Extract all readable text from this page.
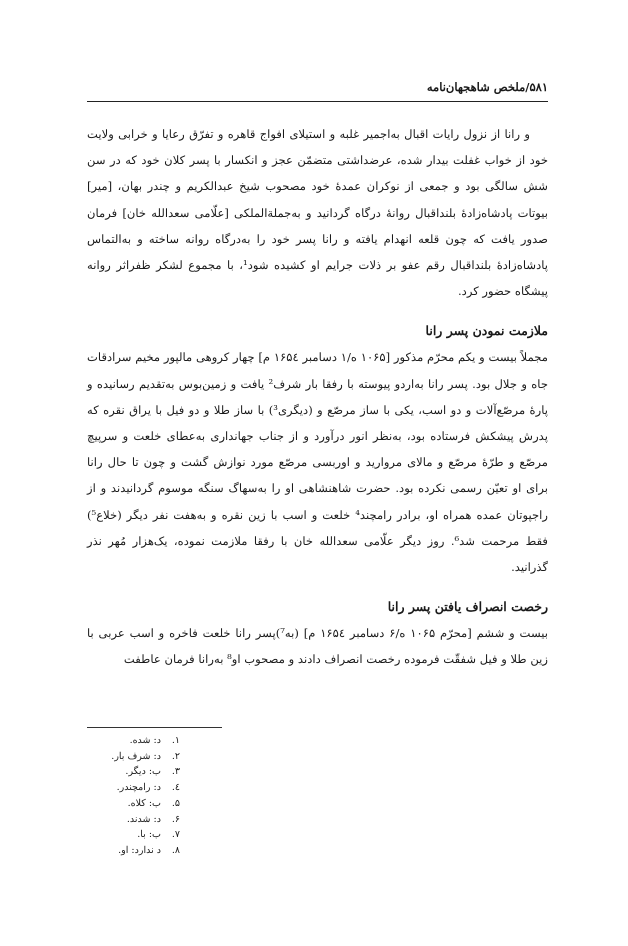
۵۸۱/ملخص شاهجهان‌نامه

و رانا از نزول رایات اقبال به‌اجمیر غلبه و استیلای افواج قاهره و تفرّق رعایا و خرابی ولایت خود از خواب غفلت بیدار شده، عرضداشتی متضمّن عجز و انکسار با پسر کلان خود که در سن شش سالگی بود و جمعی از نوکران عمدهٔ خود مصحوب شیخ عبدالکریم و چندر بهان، [میر] بیوتات پادشاه‌زادهٔ بلنداقبال روانهٔ درگاه گردانید و به‌جملةالملکی [علّامی سعدالله خان] فرمان صدور یافت که چون قلعه انهدام یافته و رانا پسر خود را به‌درگاه روانه ساخته و به‌التماس پادشاه‌زادهٔ بلنداقبال رقم عفو بر ذلات جرایم او کشیده شود¹، با مجموع لشکر ظفراثر روانه پیشگاه حضور کرد.

ملازمت نمودن پسر رانا

مجملاً بیست و یکم محرّم مذکور [۱۰۶۵ ه/۱ دسامبر ۱۶۵٤ م] چهار کروهی مالپور مخیم سرادقات جاه و جلال بود. پسر رانا به‌اردو پیوسته با رفقا بار شرف² یافت و زمین‌بوس به‌تقدیم رسانیده و پارهٔ مرصّع‌آلات و دو اسب، یکی با ساز مرصّع و (دیگری³) با ساز طلا و دو فیل با یراق نقره که پدرش پیشکش فرستاده بود، به‌نظر انور درآورد و از جناب جهانداری به‌عطای خلعت و سرپیچ مرصّع و طرّهٔ مرصّع و مالای مروارید و اوربسی مرصّع مورد نوازش گشت و چون تا حال رانا برای او تعیّن رسمی نکرده بود. حضرت شاهنشاهی او را به‌سهاگ سنگه موسوم گردانیدند و از راجپوتان عمده همراه او، برادر رامچند⁴ خلعت و اسب با زین نقره و به‌هفت نفر دیگر (خلاع⁵) فقط مرحمت شد⁶. روز دیگر علّامی سعدالله خان با رفقا ملازمت نموده، یک‌هزار مُهر نذر گذرانید.

رخصت انصراف یافتن پسر رانا

بیست و ششم [محرّم ۱۰۶۵ ه/۶ دسامبر ۱۶۵٤ م] (به⁷)پسر رانا خلعت فاخره و اسب عربی با زین طلا و فیل شفقّت فرموده رخصت انصراف دادند و مصحوب او⁸ به‌رانا فرمان عاطفت

۱. د: شده.
۲. د: شرف بار.
۳. ب: دیگر.
٤. د: رامچندر.
۵. ب: کلاه.
۶. د: شدند.
۷. ب: با.
۸. د ندارد: او.
